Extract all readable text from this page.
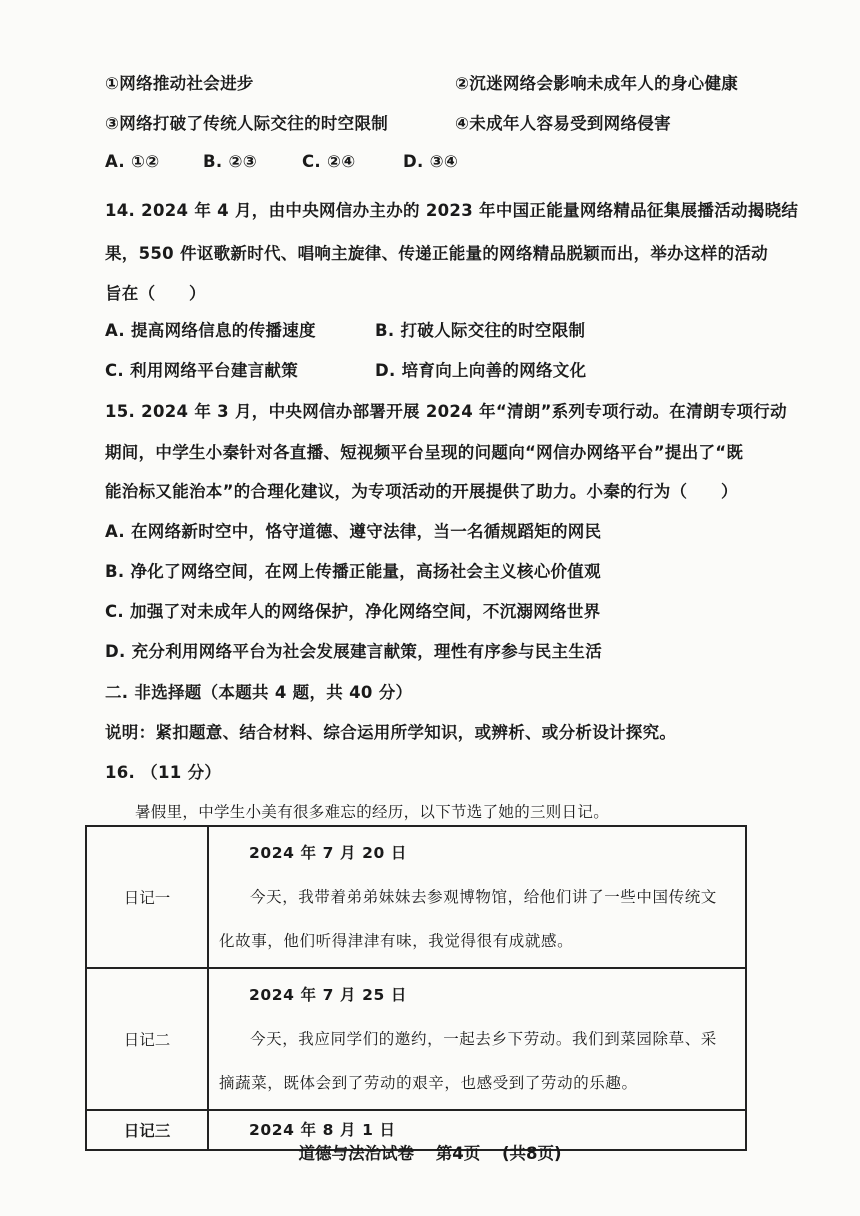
①网络推动社会进步	②沉迷网络会影响未成年人的身心健康
③网络打破了传统人际交往的时空限制	④未成年人容易受到网络侵害
A. ①②	B. ②③	C. ②④	D. ③④
14. 2024 年 4 月，由中央网信办主办的 2023 年中国正能量网络精品征集展播活动揭晓结
果，550 件讴歌新时代、唱响主旋律、传递正能量的网络精品脱颖而出，举办这样的活动
旨在（　　）
A. 提高网络信息的传播速度	B. 打破人际交往的时空限制
C. 利用网络平台建言献策	D. 培育向上向善的网络文化
15. 2024 年 3 月，中央网信办部署开展 2024 年“清朗”系列专项行动。在清朗专项行动
期间，中学生小秦针对各直播、短视频平台呈现的问题向“网信办网络平台”提出了“既
能治标又能治本”的合理化建议，为专项活动的开展提供了助力。小秦的行为（　　）
A. 在网络新时空中，恪守道德、遵守法律，当一名循规蹈矩的网民
B. 净化了网络空间，在网上传播正能量，高扬社会主义核心价值观
C. 加强了对未成年人的网络保护，净化网络空间，不沉溺网络世界
D. 充分利用网络平台为社会发展建言献策，理性有序参与民主生活
二. 非选择题（本题共 4 题，共 40 分）
说明：紧扣题意、结合材料、综合运用所学知识，或辨析、或分析设计探究。
16. （11 分）
暑假里，中学生小美有很多难忘的经历，以下节选了她的三则日记。
日记一	2024 年 7 月 20 日
今天，我带着弟弟妹妹去参观博物馆，给他们讲了一些中国传统文
化故事，他们听得津津有味，我觉得很有成就感。

日记二	2024 年 7 月 25 日
今天，我应同学们的邀约，一起去乡下劳动。我们到菜园除草、采
摘蔬菜，既体会到了劳动的艰辛，也感受到了劳动的乐趣。

日记三	2024 年 8 月 1 日
道德与法治试卷 第4页 (共8页)
